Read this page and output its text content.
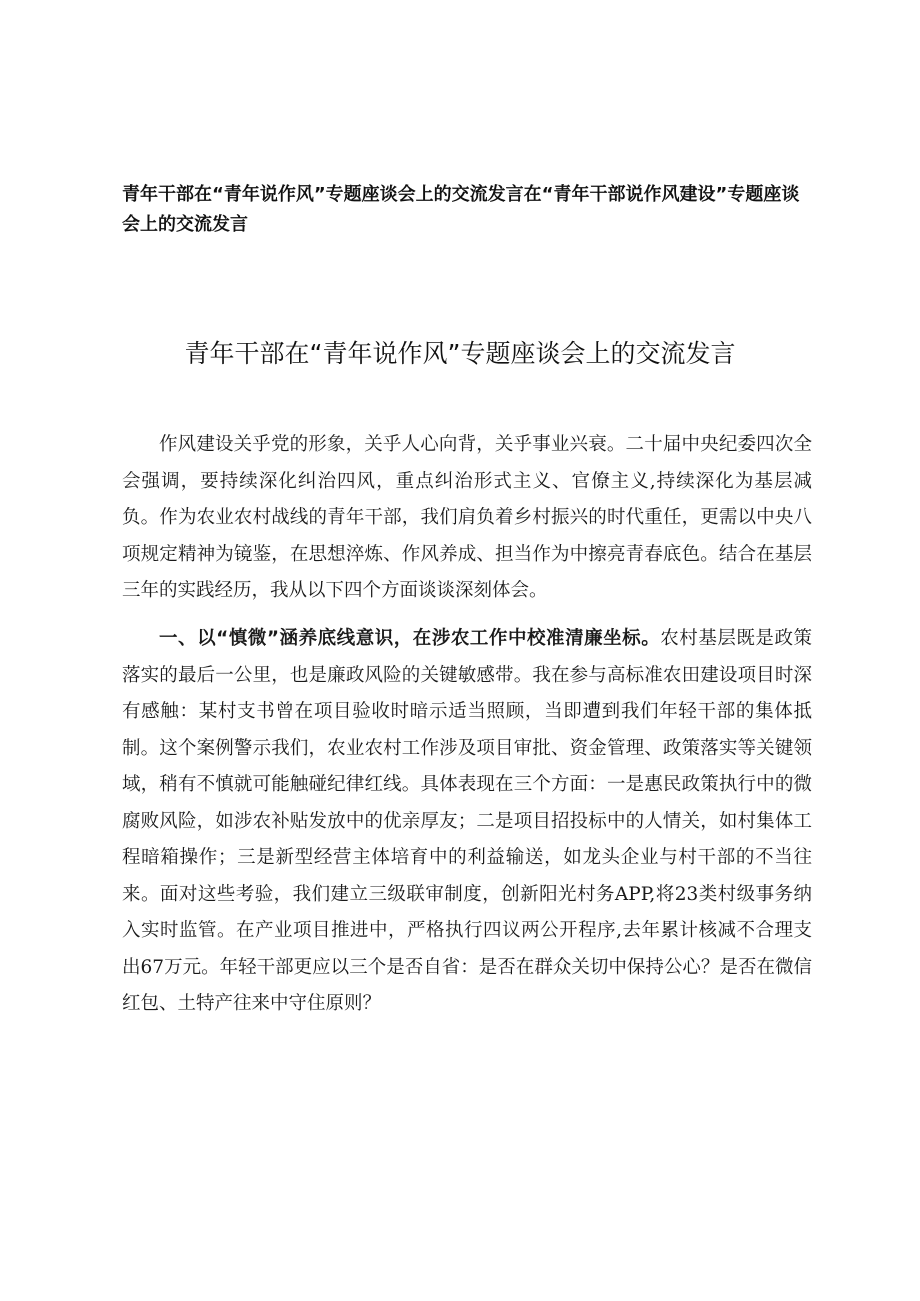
青年干部在“青年说作风”专题座谈会上的交流发言在“青年干部说作风建设”专题座谈会上的交流发言
青年干部在“青年说作风”专题座谈会上的交流发言

作风建设关乎党的形象，关乎人心向背，关乎事业兴衰。二十届中央纪委四次全会强调，要持续深化纠治四风，重点纠治形式主义、官僚主义,持续深化为基层减负。作为农业农村战线的青年干部，我们肩负着乡村振兴的时代重任，更需以中央八项规定精神为镜鉴，在思想淬炼、作风养成、担当作为中擦亮青春底色。结合在基层三年的实践经历，我从以下四个方面谈谈深刻体会。

一、以“慎微”涵养底线意识，在涉农工作中校准清廉坐标。农村基层既是政策落实的最后一公里，也是廉政风险的关键敏感带。我在参与高标准农田建设项目时深有感触：某村支书曾在项目验收时暗示适当照顾，当即遭到我们年轻干部的集体抵制。这个案例警示我们，农业农村工作涉及项目审批、资金管理、政策落实等关键领域，稍有不慎就可能触碰纪律红线。具体表现在三个方面：一是惠民政策执行中的微腐败风险，如涉农补贴发放中的优亲厚友；二是项目招投标中的人情关，如村集体工程暗箱操作；三是新型经营主体培育中的利益输送，如龙头企业与村干部的不当往来。面对这些考验，我们建立三级联审制度，创新阳光村务APP,将23类村级事务纳入实时监管。在产业项目推进中，严格执行四议两公开程序,去年累计核减不合理支出67万元。年轻干部更应以三个是否自省：是否在群众关切中保持公心？是否在微信红包、土特产往来中守住原则？
